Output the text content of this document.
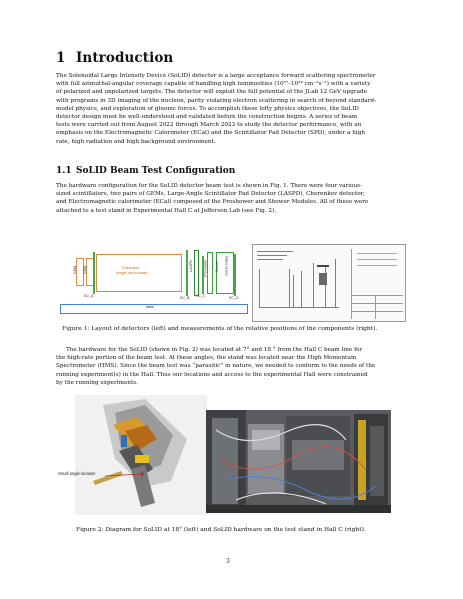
1 Introduction
The Solenoidal Large Intensity Device (SoLID) detector is a large acceptance forward scattering spectrometer
with full azimuthal-angular coverage capable of handling high luminosities (10³⁷–10³⁹ cm⁻²s⁻¹) with a variety
of polarized and unpolarized targets. The detector will exploit the full potential of the JLab 12 GeV upgrade
with programs in 3D imaging of the nucleon, parity violating electron scattering in search of beyond standard-
model physics, and exploration of gluonic forces. To accomplish these lofty physics objectives, the SoLID
detector design must be well-understood and validated before the construction begins. A series of beam
tests were carried out from August 2022 through March 2023 to study the detector performance, with an
emphasis on the Electromagnetic Calorimeter (ECal) and the Scintillator Pad Detector (SPD), under a high
rate, high radiation and high background environment.
1.1 SoLID Beam Test Configuration
The hardware configuration for the SoLID detector beam test is shown in Fig. 1. There were four various-
sized scintillators, two pairs of GEMs, Large-Angle Scintillator Pad Detector (LASPD), Cherenkov detector,
and Electromagnetic calorimeter (ECal) composed of the Preshower and Shower Modules. All of these were
attached to a test stand in Experimental Hall C at Jefferson Lab (see Fig. 2).
GEM GEM	Cherenkov
(length not to scale)
SC_A	SC_B SC_C	SC_D
LASPD	Preshower Shower (not to scale)
table
Figure 1: Layout of detectors (left) and measurements of the relative positions of the components (right).
The hardware for the SoLID (shown in Fig. 2) was located at 7° and 18 ° from the Hall C beam line for
the high-rate portion of the beam test. At these angles, the stand was located near the High Momentum
Spectrometer (HMS). Since the beam test was “parasitic” in nature, we needed to conform to the needs of the
running experiment(s) in the Hall. Thus our locations and access to the experimental Hall were constrained
by the running experiments.
Small angle location
Figure 2: Diagram for SoLID at 18° (left) and SoLID hardware on the test stand in Hall C (right).
3
